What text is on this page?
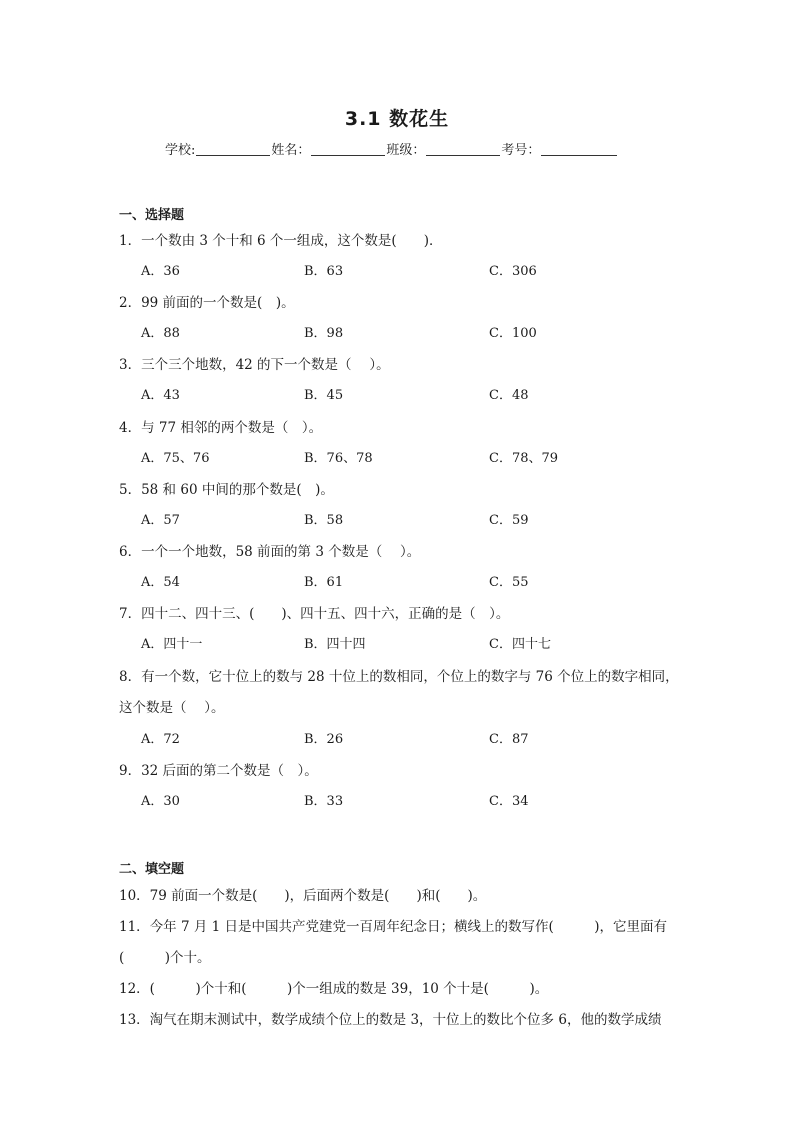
3.1 数花生
学校:	姓名：	班级：	考号：
一、选择题
1．一个数由 3 个十和 6 个一组成，这个数是(　　)．
A．36	B．63	C．306
2．99 前面的一个数是(　)。
A．88	B．98	C．100
3．三个三个地数，42 的下一个数是（　 ）。
A．43	B．45	C．48
4．与 77 相邻的两个数是（　）。
A．75、76	B．76、78	C．78、79
5．58 和 60 中间的那个数是(　)。
A．57	B．58	C．59
6．一个一个地数，58 前面的第 3 个数是（　 ）。
A．54	B．61	C．55
7．四十二、四十三、(　　)、四十五、四十六，正确的是（　）。
A．四十一	B．四十四	C．四十七
8．有一个数，它十位上的数与 28 十位上的数相同，个位上的数字与 76 个位上的数字相同，
这个数是（　 ）。
A．72	B．26	C．87
9．32 后面的第二个数是（　）。
A．30	B．33	C．34
二、填空题
10．79 前面一个数是(　　)，后面两个数是(　　)和(　　)。
11．今年 7 月 1 日是中国共产党建党一百周年纪念日；横线上的数写作(　　　)，它里面有
(　　　)个十。
12．(　　　)个十和(　　　)个一组成的数是 39，10 个十是(　　　)。
13．淘气在期末测试中，数学成绩个位上的数是 3，十位上的数比个位多 6，他的数学成绩
